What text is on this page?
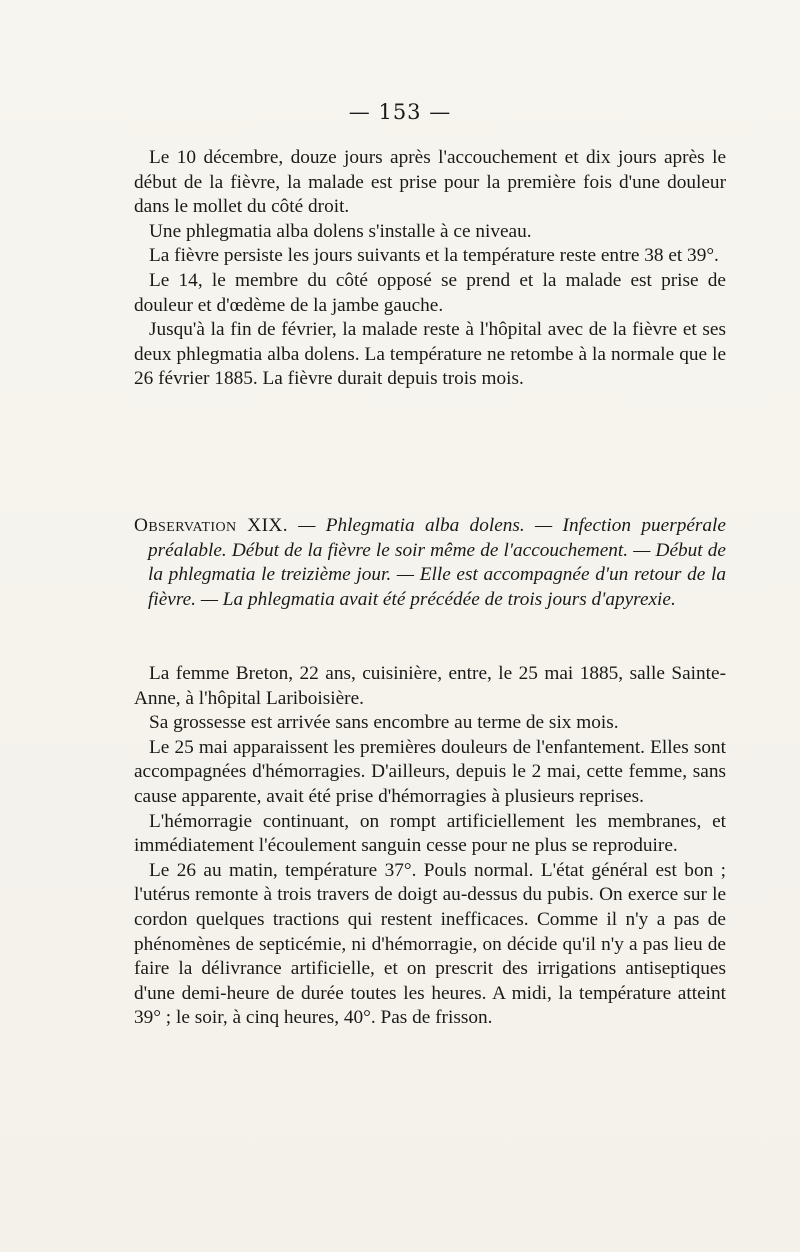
— 153 —

Le 10 décembre, douze jours après l'accouchement et dix jours après le début de la fièvre, la malade est prise pour la première fois d'une douleur dans le mollet du côté droit.

Une phlegmatia alba dolens s'installe à ce niveau.

La fièvre persiste les jours suivants et la température reste entre 38 et 39°.

Le 14, le membre du côté opposé se prend et la malade est prise de douleur et d'œdème de la jambe gauche.

Jusqu'à la fin de février, la malade reste à l'hôpital avec de la fièvre et ses deux phlegmatia alba dolens. La température ne retombe à la normale que le 26 février 1885. La fièvre durait depuis trois mois.

Observation XIX. — Phlegmatia alba dolens. — Infection puerpérale préalable. Début de la fièvre le soir même de l'accouchement. — Début de la phlegmatia le treizième jour. — Elle est accompagnée d'un retour de la fièvre. — La phlegmatia avait été précédée de trois jours d'apyrexie.

La femme Breton, 22 ans, cuisinière, entre, le 25 mai 1885, salle Sainte-Anne, à l'hôpital Lariboisière.

Sa grossesse est arrivée sans encombre au terme de six mois.

Le 25 mai apparaissent les premières douleurs de l'enfantement. Elles sont accompagnées d'hémorragies. D'ailleurs, depuis le 2 mai, cette femme, sans cause apparente, avait été prise d'hémorragies à plusieurs reprises.

L'hémorragie continuant, on rompt artificiellement les membranes, et immédiatement l'écoulement sanguin cesse pour ne plus se reproduire.

Le 26 au matin, température 37°. Pouls normal. L'état général est bon ; l'utérus remonte à trois travers de doigt au-dessus du pubis. On exerce sur le cordon quelques tractions qui restent inefficaces. Comme il n'y a pas de phénomènes de septicémie, ni d'hémorragie, on décide qu'il n'y a pas lieu de faire la délivrance artificielle, et on prescrit des irrigations antiseptiques d'une demi-heure de durée toutes les heures. A midi, la température atteint 39° ; le soir, à cinq heures, 40°. Pas de frisson.
